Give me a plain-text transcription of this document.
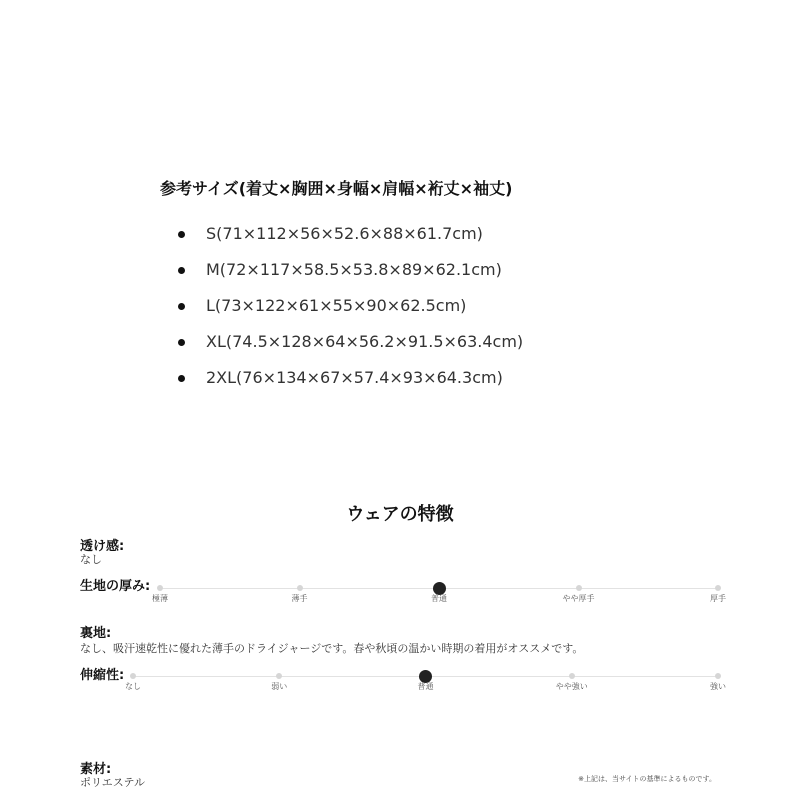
参考サイズ(着丈×胸囲×身幅×肩幅×裄丈×袖丈)
S(71×112×56×52.6×88×61.7cm)
M(72×117×58.5×53.8×89×62.1cm)
L(73×122×61×55×90×62.5cm)
XL(74.5×128×64×56.2×91.5×63.4cm)
2XL(76×134×67×57.4×93×64.3cm)
ウェアの特徴
透け感:
なし
生地の厚み:
裏地:
なし、吸汗速乾性に優れた薄手のドライジャージです。春や秋頃の温かい時期の着用がオススメです。
伸縮性:
素材:
ポリエステル	※上記は、当サイトの基準によるものです。
極薄	薄手	普通	やや厚手	厚手
なし	弱い	普通	やや強い	強い
